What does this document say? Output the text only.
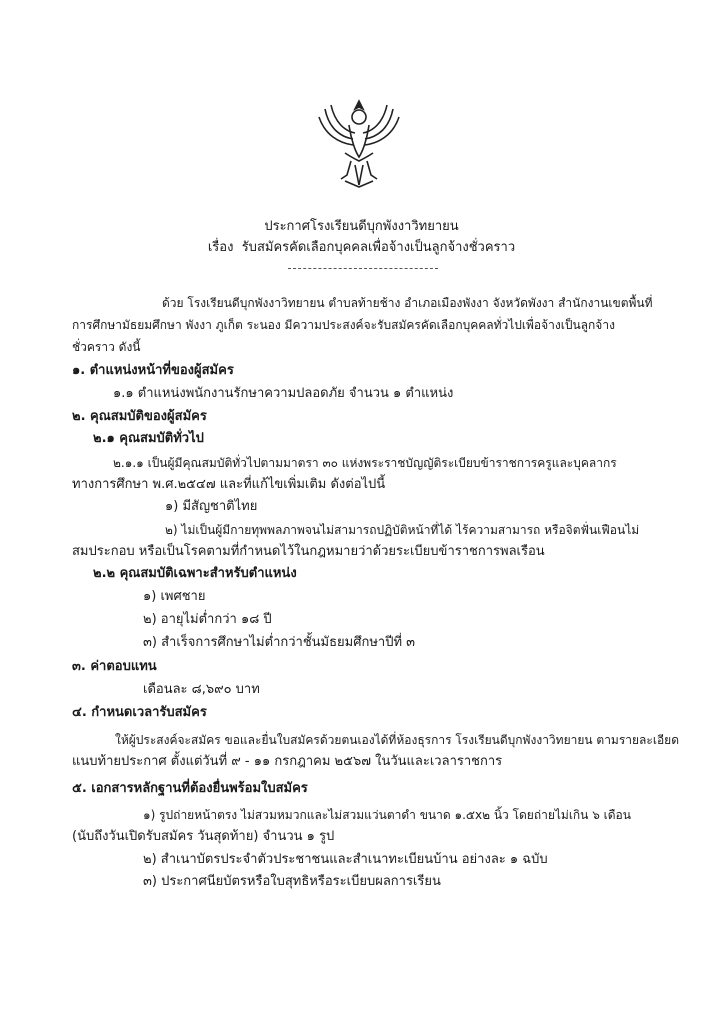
ประกาศโรงเรียนดีบุกพังงาวิทยายน
เรื่อง รับสมัครคัดเลือกบุคคลเพื่อจ้างเป็นลูกจ้างชั่วคราว
ด้วย โรงเรียนดีบุกพังงาวิทยายน ตำบลท้ายช้าง อำเภอเมืองพังงา จังหวัดพังงา สำนักงานเขตพื้นที่
การศึกษามัธยมศึกษา พังงา ภูเก็ต ระนอง มีความประสงค์จะรับสมัครคัดเลือกบุคคลทั่วไปเพื่อจ้างเป็นลูกจ้าง
ชั่วคราว ดังนี้
๑. ตำแหน่งหน้าที่ของผู้สมัคร
๑.๑ ตำแหน่งพนักงานรักษาความปลอดภัย จำนวน ๑ ตำแหน่ง
๒. คุณสมบัติของผู้สมัคร
๒.๑ คุณสมบัติทั่วไป
๒.๑.๑ เป็นผู้มีคุณสมบัติทั่วไปตามมาตรา ๓๐ แห่งพระราชบัญญัติระเบียบข้าราชการครูและบุคลากร
ทางการศึกษา พ.ศ.๒๕๔๗ และที่แก้ไขเพิ่มเติม ดังต่อไปนี้
๑) มีสัญชาติไทย
๒) ไม่เป็นผู้มีกายทุพพลภาพจนไม่สามารถปฏิบัติหน้าที่ได้ ไร้ความสามารถ หรือจิตฟั่นเฟือนไม่
สมประกอบ หรือเป็นโรคตามที่กำหนดไว้ในกฎหมายว่าด้วยระเบียบข้าราชการพลเรือน
๒.๒ คุณสมบัติเฉพาะสำหรับตำแหน่ง
๑) เพศชาย
๒) อายุไม่ต่ำกว่า ๑๘ ปี
๓) สำเร็จการศึกษาไม่ต่ำกว่าชั้นมัธยมศึกษาปีที่ ๓
๓. ค่าตอบแทน
เดือนละ ๘,๖๙๐ บาท
๔. กำหนดเวลารับสมัคร
ให้ผู้ประสงค์จะสมัคร ขอและยื่นใบสมัครด้วยตนเองได้ที่ห้องธุรการ โรงเรียนดีบุกพังงาวิทยายน ตามรายละเอียด
แนบท้ายประกาศ ตั้งแต่วันที่ ๙ - ๑๑ กรกฎาคม ๒๕๖๗ ในวันและเวลาราชการ
๕. เอกสารหลักฐานที่ต้องยื่นพร้อมใบสมัคร
๑) รูปถ่ายหน้าตรง ไม่สวมหมวกและไม่สวมแว่นตาดำ ขนาด ๑.๕x๒ นิ้ว โดยถ่ายไม่เกิน ๖ เดือน
(นับถึงวันเปิดรับสมัคร วันสุดท้าย) จำนวน ๑ รูป
๒) สำเนาบัตรประจำตัวประชาชนและสำเนาทะเบียนบ้าน อย่างละ ๑ ฉบับ
๓) ประกาศนียบัตรหรือใบสุทธิหรือระเบียบผลการเรียน
